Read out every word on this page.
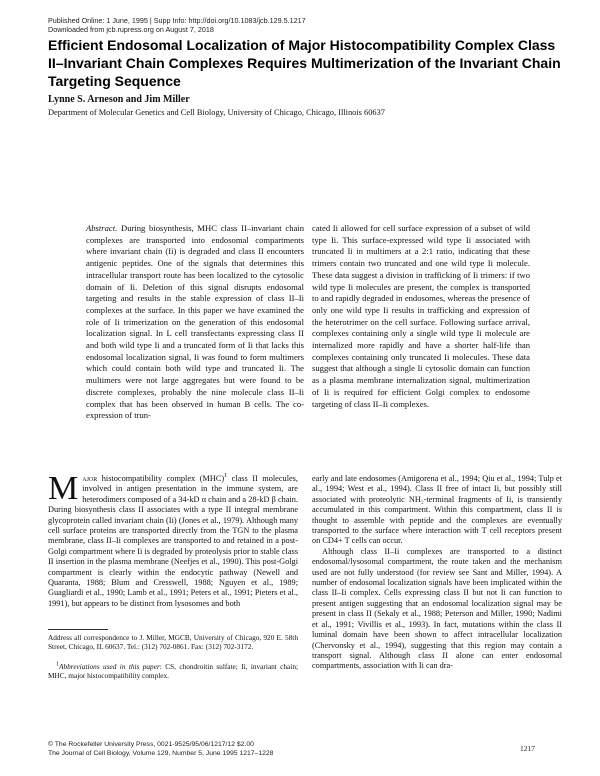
Published Online: 1 June, 1995 | Supp Info: http://doi.org/10.1083/jcb.129.5.1217
Downloaded from jcb.rupress.org on August 7, 2018
Efficient Endosomal Localization of Major Histocompatibility Complex Class II–Invariant Chain Complexes Requires Multimerization of the Invariant Chain Targeting Sequence
Lynne S. Arneson and Jim Miller
Department of Molecular Genetics and Cell Biology, University of Chicago, Chicago, Illinois 60637

Abstract. During biosynthesis, MHC class II–invariant chain complexes are transported into endosomal compartments where invariant chain (Ii) is degraded and class II encounters antigenic peptides. One of the signals that determines this intracellular transport route has been localized to the cytosolic domain of Ii. Deletion of this signal disrupts endosomal targeting and results in the stable expression of class II–Ii complexes at the surface. In this paper we have examined the role of Ii trimerization on the generation of this endosomal localization signal. In L cell transfectants expressing class II and both wild type Ii and a truncated form of Ii that lacks this endosomal localization signal, Ii was found to form multimers which could contain both wild type and truncated Ii. The multimers were not large aggregates but were found to be discrete complexes, probably the nine molecule class II–Ii complex that has been observed in human B cells. The co-expression of trun-

cated Ii allowed for cell surface expression of a subset of wild type Ii. This surface-expressed wild type Ii associated with truncated Ii in multimers at a 2:1 ratio, indicating that these trimers contain two truncated and one wild type Ii molecule. These data suggest a division in trafficking of Ii trimers: if two wild type Ii molecules are present, the complex is transported to and rapidly degraded in endosomes, whereas the presence of only one wild type Ii results in trafficking and expression of the heterotrimer on the cell surface. Following surface arrival, complexes containing only a single wild type Ii molecule are internalized more rapidly and have a shorter half-life than complexes containing only truncated Ii molecules. These data suggest that although a single Ii cytosolic domain can function as a plasma membrane internalization signal, multimerization of Ii is required for efficient Golgi complex to endosome targeting of class II–Ii complexes.

Major histocompatibility complex (MHC)$^1$ class II molecules, involved in antigen presentation in the immune system, are heterodimers composed of a 34-kD α chain and a 28-kD β chain. During biosynthesis class II associates with a type II integral membrane glycoprotein called invariant chain (Ii) (Jones et al., 1979). Although many cell surface proteins are transported directly from the TGN to the plasma membrane, class II–Ii complexes are transported to and retained in a post-Golgi compartment where Ii is degraded by proteolysis prior to stable class II insertion in the plasma membrane (Neefjes et al., 1990). This post-Golgi compartment is clearly within the endocytic pathway (Newell and Quaranta, 1988; Blum and Cresswell, 1988; Nguyen et al., 1989; Guagliardi et al., 1990; Lamb et al., 1991; Peters et al., 1991; Pieters et al., 1991), but appears to be distinct from lysosomes and both

early and late endosomes (Amigorena et al., 1994; Qiu et al., 1994; Tulp et al., 1994; West et al., 1994). Class II free of intact Ii, but possibly still associated with proteolytic NH₂-terminal fragments of Ii, is transiently accumulated in this compartment. Within this compartment, class II is thought to assemble with peptide and the complexes are eventually transported to the surface where interaction with T cell receptors present on CD4+ T cells can occur.

Although class II–Ii complexes are transported to a distinct endosomal/lysosomal compartment, the route taken and the mechanism used are not fully understood (for review see Sant and Miller, 1994). A number of endosomal localization signals have been implicated within the class II–Ii complex. Cells expressing class II but not Ii can function to present antigen suggesting that an endosomal localization signal may be present in class II (Sekaly et al., 1988; Peterson and Miller, 1990; Nadimi et al., 1991; Vivillis et al., 1993). In fact, mutations within the class II luminal domain have been shown to affect intracellular localization (Chervonsky et al., 1994), suggesting that this region may contain a transport signal. Although class II alone can enter endosomal compartments, association with Ii can dra-

Address all correspondence to J. Miller, MGCB, University of Chicago, 920 E. 58th Street, Chicago, IL 60637. Tel.: (312) 702-0861. Fax: (312) 702-3172.
$^1$Abbreviations used in this paper: CS, chondroitin sulfate; Ii, invariant chain; MHC, major histocompatibility complex.
© The Rockefeller University Press, 0021-9525/95/06/1217/12 $2.00
The Journal of Cell Biology, Volume 129, Number 5, June 1995 1217–1228
1217
